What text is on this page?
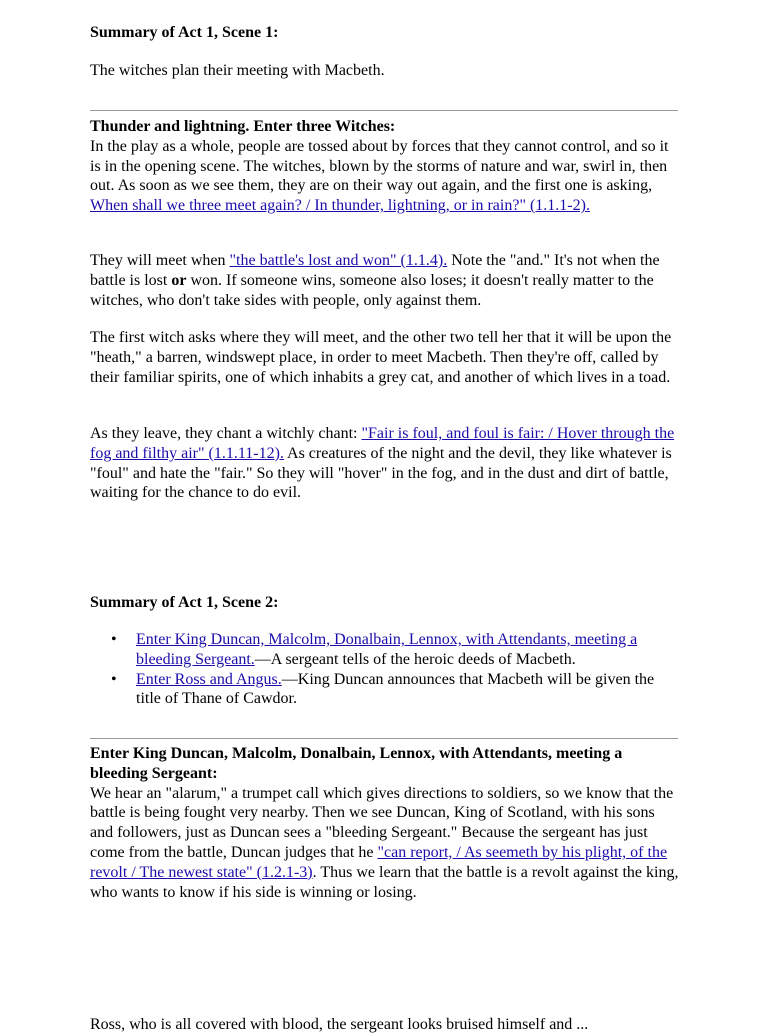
Summary of Act 1, Scene 1:

The witches plan their meeting with Macbeth.

Thunder and lightning. Enter three Witches:

In the play as a whole, people are tossed about by forces that they cannot control, and so it is in the opening scene. The witches, blown by the storms of nature and war, swirl in, then out. As soon as we see them, they are on their way out again, and the first one is asking, When shall we three meet again? / In thunder, lightning, or in rain?" (1.1.1-2).

They will meet when "the battle's lost and won" (1.1.4). Note the "and." It's not when the battle is lost or won. If someone wins, someone also loses; it doesn't really matter to the witches, who don't take sides with people, only against them.

The first witch asks where they will meet, and the other two tell her that it will be upon the "heath," a barren, windswept place, in order to meet Macbeth. Then they're off, called by their familiar spirits, one of which inhabits a grey cat, and another of which lives in a toad.

As they leave, they chant a witchly chant: "Fair is foul, and foul is fair: / Hover through the fog and filthy air" (1.1.11-12). As creatures of the night and the devil, they like whatever is "foul" and hate the "fair." So they will "hover" in the fog, and in the dust and dirt of battle, waiting for the chance to do evil.

Summary of Act 1, Scene 2:
• Enter King Duncan, Malcolm, Donalbain, Lennox, with Attendants, meeting a bleeding Sergeant.—A sergeant tells of the heroic deeds of Macbeth.
• Enter Ross and Angus.—King Duncan announces that Macbeth will be given the title of Thane of Cawdor.
Enter King Duncan, Malcolm, Donalbain, Lennox, with Attendants, meeting a bleeding Sergeant:

We hear an "alarum," a trumpet call which gives directions to soldiers, so we know that the battle is being fought very nearby. Then we see Duncan, King of Scotland, with his sons and followers, just as Duncan sees a "bleeding Sergeant." Because the sergeant has just come from the battle, Duncan judges that he "can report, / As seemeth by his plight, of the revolt / The newest state" (1.2.1-3). Thus we learn that the battle is a revolt against the king, who wants to know if his side is winning or losing.

Ross, who is all covered with blood, the sergeant looks bruised himself and ...
